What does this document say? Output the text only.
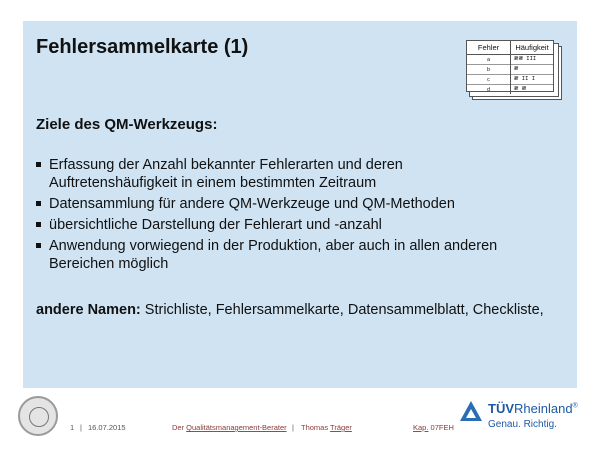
Fehlersammelkarte (1)	Fehler	Häufigkeit
a	𝍸𝍸 III
b	𝍸
c	𝍸 II I
d	𝍸 𝍸
Ziele des QM-Werkzeugs:
Erfassung der Anzahl bekannter Fehlerarten und deren
Auftretenshäufigkeit in einem bestimmten Zeitraum
Datensammlung für andere QM-Werkzeuge und QM-Methoden
übersichtliche Darstellung der Fehlerart und -anzahl
Anwendung vorwiegend in der Produktion, aber auch in allen anderen
Bereichen möglich
andere Namen: Strichliste, Fehlersammelkarte, Datensammelblatt, Checkliste,
1 | 16.07.2015	Der Qualitätsmanagement-Berater | Thomas Träger	Kap. 07FEH
TÜVRheinland®
Genau. Richtig.
